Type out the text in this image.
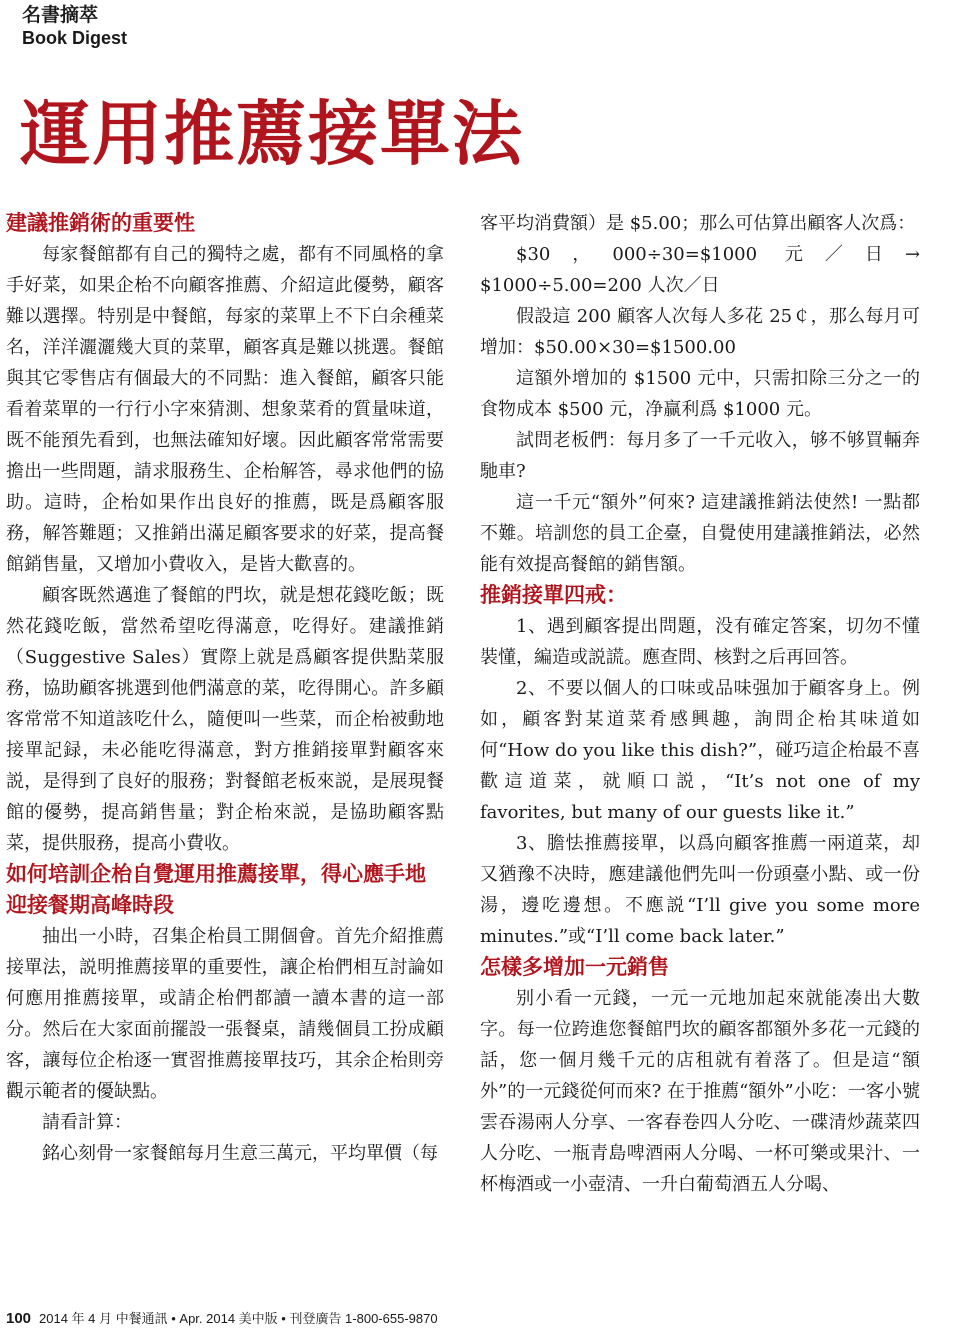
名書摘萃
Book Digest
運用推薦接單法
建議推銷術的重要性

每家餐館都有自己的獨特之處，都有不同風格的拿手好菜，如果企枱不向顧客推薦、介紹這此優勢，顧客難以選擇。特别是中餐館，每家的菜單上不下白余種菜名，洋洋灑灑幾大頁的菜單，顧客真是難以挑選。餐館與其它零售店有個最大的不同點：進入餐館，顧客只能看着菜單的一行行小字來猜測、想象菜肴的質量味道，既不能預先看到，也無法確知好壞。因此顧客常常需要擔出一些問題，請求服務生、企枱解答，尋求他們的協助。這時，企枱如果作出良好的推薦，既是爲顧客服務，解答難題；又推銷出滿足顧客要求的好菜，提高餐館銷售量，又增加小費收入，是皆大歡喜的。

顧客既然邁進了餐館的門坎，就是想花錢吃飯；既然花錢吃飯，當然希望吃得滿意，吃得好。建議推銷（Suggestive Sales）實際上就是爲顧客提供點菜服務，協助顧客挑選到他們滿意的菜，吃得開心。許多顧客常常不知道該吃什么，隨便叫一些菜，而企枱被動地接單記録，未必能吃得滿意，對方推銷接單對顧客來説，是得到了良好的服務；對餐館老板來説，是展現餐館的優勢，提高銷售量；對企枱來説，是協助顧客點菜，提供服務，提高小費收。

如何培訓企枱自覺運用推薦接單，得心應手地迎接餐期高峰時段

抽出一小時，召集企枱員工開個會。首先介紹推薦接單法，説明推薦接單的重要性，讓企枱們相互討論如何應用推薦接單，或請企枱們都讀一讀本書的這一部分。然后在大家面前擺設一張餐桌，請幾個員工扮成顧客，讓每位企枱逐一實習推薦接單技巧，其余企枱則旁觀示範者的優缺點。

請看計算：

銘心刻骨一家餐館每月生意三萬元，平均單價（每

客平均消費額）是 $5.00；那么可估算出顧客人次爲：

$30，000÷30=$1000 元／日→ $1000÷5.00=200 人次／日

假設這 200 顧客人次每人多花 25￠，那么每月可增加：$50.00×30=$1500.00

這額外增加的 $1500 元中，只需扣除三分之一的食物成本 $500 元，净赢利爲 $1000 元。

試問老板們：每月多了一千元收入，够不够買輛奔馳車?

這一千元“額外”何來? 這建議推銷法使然! 一點都不難。培訓您的員工企臺，自覺使用建議推銷法，必然能有效提高餐館的銷售額。

推銷接單四戒：

1、遇到顧客提出問題，没有確定答案，切勿不懂裝懂，編造或説謊。應查問、核對之后再回答。

2、不要以個人的口味或品味强加于顧客身上。例如，顧客對某道菜肴感興趣，詢問企枱其味道如何“How do you like this dish?”，碰巧這企枱最不喜歡這道菜，就順口説，“It’s not one of my favorites, but many of our guests like it.”

3、膽怯推薦接單，以爲向顧客推薦一兩道菜，却又猶豫不决時，應建議他們先叫一份頭臺小點、或一份湯，邊吃邊想。不應説“I’ll give you some more minutes.”或“I’ll come back later.”

怎樣多增加一元銷售

别小看一元錢，一元一元地加起來就能凑出大數字。每一位跨進您餐館門坎的顧客都額外多花一元錢的話，您一個月幾千元的店租就有着落了。但是這“額外”的一元錢從何而來? 在于推薦“額外”小吃：一客小號雲吞湯兩人分享、一客春卷四人分吃、一碟清炒蔬菜四人分吃、一瓶青島啤酒兩人分喝、一杯可樂或果汁、一杯梅酒或一小壺清、一升白葡萄酒五人分喝、

100 2014 年 4 月 中餐通訊 • Apr. 2014 美中版 • 刊登廣告 1-800-655-9870
